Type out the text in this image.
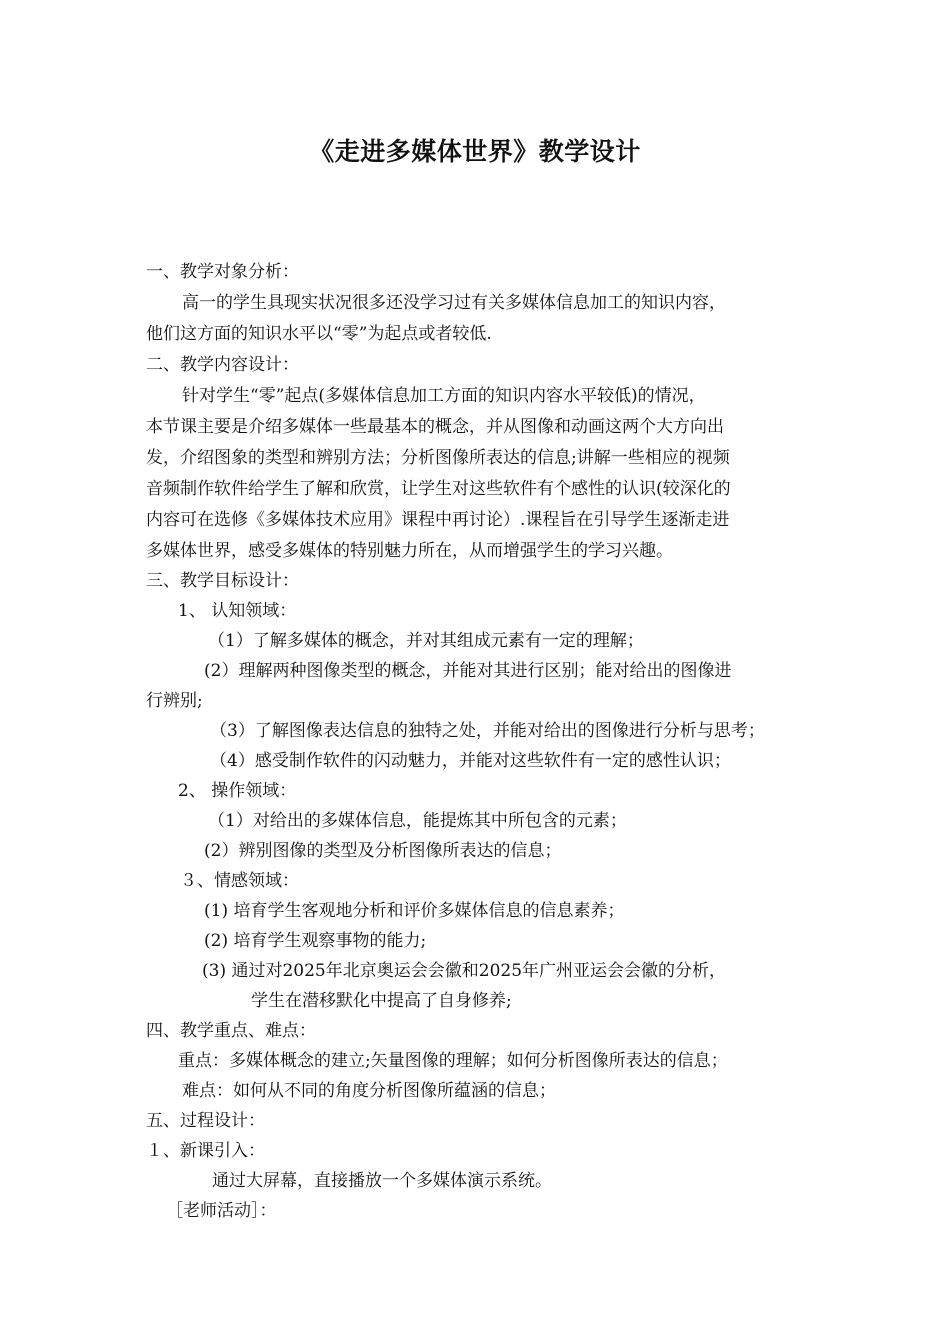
《走进多媒体世界》教学设计
一、教学对象分析：
高一的学生具现实状况很多还没学习过有关多媒体信息加工的知识内容，
他们这方面的知识水平以“零”为起点或者较低.
二、教学内容设计：
针对学生“零”起点(多媒体信息加工方面的知识内容水平较低)的情况，
本节课主要是介绍多媒体一些最基本的概念，并从图像和动画这两个大方向出
发，介绍图象的类型和辨别方法；分析图像所表达的信息;讲解一些相应的视频
音频制作软件给学生了解和欣赏，让学生对这些软件有个感性的认识(较深化的
内容可在选修《多媒体技术应用》课程中再讨论）.课程旨在引导学生逐渐走进
多媒体世界，感受多媒体的特别魅力所在，从而增强学生的学习兴趣。
三、教学目标设计：
1、 认知领域：
（1）了解多媒体的概念，并对其组成元素有一定的理解；
(2）理解两种图像类型的概念，并能对其进行区别；能对给出的图像进
行辨别;
（3）了解图像表达信息的独特之处，并能对给出的图像进行分析与思考；
（4）感受制作软件的闪动魅力，并能对这些软件有一定的感性认识；
2、 操作领域：
（1）对给出的多媒体信息，能提炼其中所包含的元素；
(2）辨别图像的类型及分析图像所表达的信息；
３、情感领域：
(1) 培育学生客观地分析和评价多媒体信息的信息素养；
(2) 培育学生观察事物的能力;
(3) 通过对2025年北京奥运会会徽和2025年广州亚运会会徽的分析，
学生在潜移默化中提高了自身修养;
四、教学重点、难点：
重点：多媒体概念的建立;矢量图像的理解；如何分析图像所表达的信息；
难点：如何从不同的角度分析图像所蕴涵的信息；
五、过程设计：
１、新课引入：
通过大屏幕，直接播放一个多媒体演示系统。
［老师活动］：
